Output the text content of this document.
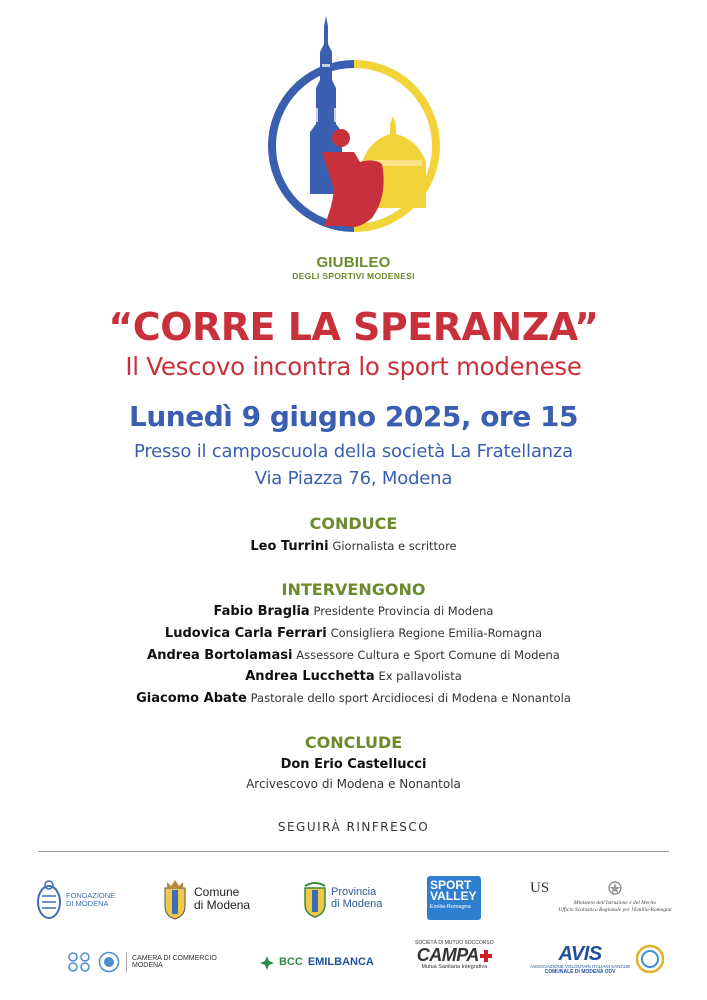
GIUBILEO
DEGLI SPORTIVI MODENESI
“CORRE LA SPERANZA”
Il Vescovo incontra lo sport modenese
Lunedì 9 giugno 2025, ore 15
Presso il camposcuola della società La Fratellanza
Via Piazza 76, Modena
CONDUCE
Leo Turrini Giornalista e scrittore
INTERVENGONO
Fabio Braglia Presidente Provincia di Modena
Ludovica Carla Ferrari Consigliera Regione Emilia-Romagna
Andrea Bortolamasi Assessore Cultura e Sport Comune di Modena
Andrea Lucchetta Ex pallavolista
Giacomo Abate Pastorale dello sport Arcidiocesi di Modena e Nonantola
CONCLUDE
Don Erio Castellucci
Arcivescovo di Modena e Nonantola
SEGUIRÀ RINFRESCO
FONDAZIONE
DI MODENA
Comune
di Modena
Provincia
di Modena
SPORT
VALLEY
Emilia-Romagna
US
Ministero dell'Istruzione e del Merito
Ufficio Scolastico Regionale per l'Emilia-Romagna
CAMERA DI COMMERCIO
MODENA	BCC EMILBANCA
SOCIETÀ DI MUTUO SOCCORSO
CAMPA
Mutua Sanitaria Integrativa
AVIS
ASSOCIAZIONE VOLONTARI ITALIANI SANGUE
COMUNALE DI MODENA ODV
